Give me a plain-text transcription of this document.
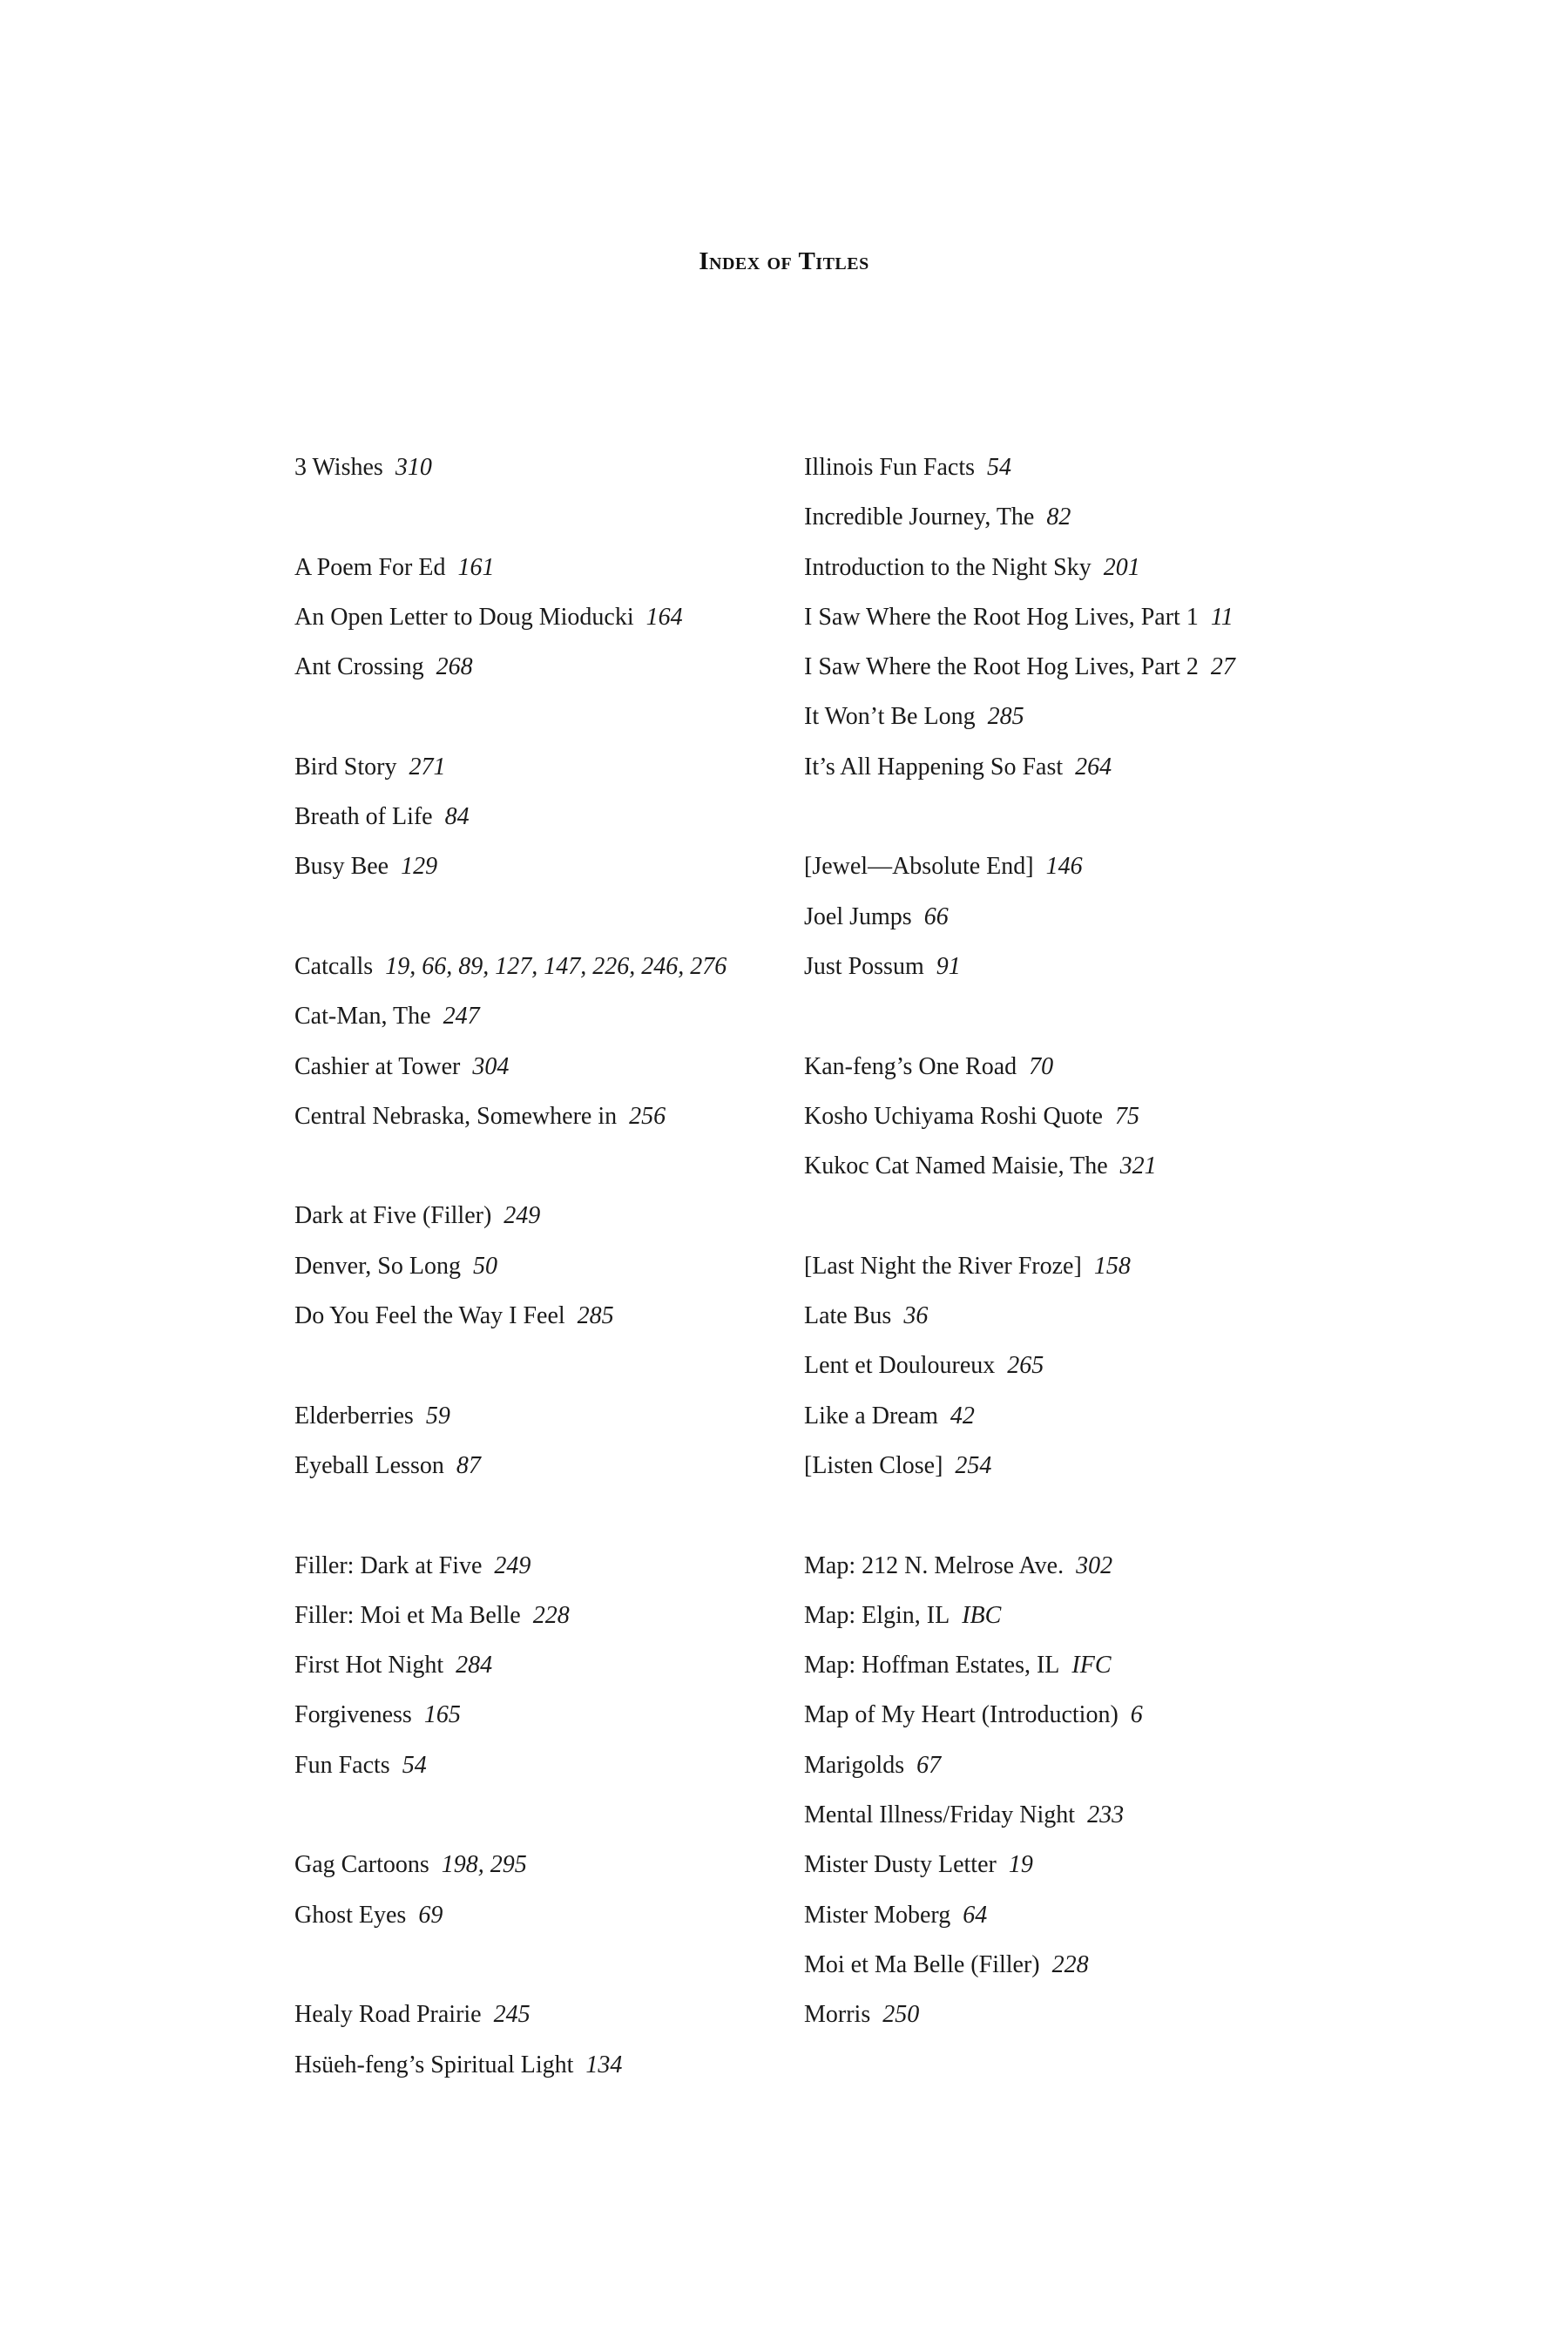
Index of Titles
3 Wishes 310
A Poem For Ed 161
An Open Letter to Doug Mioducki 164
Ant Crossing 268
Bird Story 271
Breath of Life 84
Busy Bee 129
Catcalls 19, 66, 89, 127, 147, 226, 246, 276
Cat-Man, The 247
Cashier at Tower 304
Central Nebraska, Somewhere in 256
Dark at Five (Filler) 249
Denver, So Long 50
Do You Feel the Way I Feel 285
Elderberries 59
Eyeball Lesson 87
Filler: Dark at Five 249
Filler: Moi et Ma Belle 228
First Hot Night 284
Forgiveness 165
Fun Facts 54
Gag Cartoons 198, 295
Ghost Eyes 69
Healy Road Prairie 245
Hsüeh-feng’s Spiritual Light 134
Illinois Fun Facts 54
Incredible Journey, The 82
Introduction to the Night Sky 201
I Saw Where the Root Hog Lives, Part 1 11
I Saw Where the Root Hog Lives, Part 2 27
It Won’t Be Long 285
It’s All Happening So Fast 264
[Jewel—Absolute End] 146
Joel Jumps 66
Just Possum 91
Kan-feng’s One Road 70
Kosho Uchiyama Roshi Quote 75
Kukoc Cat Named Maisie, The 321
[Last Night the River Froze] 158
Late Bus 36
Lent et Douloureux 265
Like a Dream 42
[Listen Close] 254
Map: 212 N. Melrose Ave. 302
Map: Elgin, IL IBC
Map: Hoffman Estates, IL IFC
Map of My Heart (Introduction) 6
Marigolds 67
Mental Illness/Friday Night 233
Mister Dusty Letter 19
Mister Moberg 64
Moi et Ma Belle (Filler) 228
Morris 250
